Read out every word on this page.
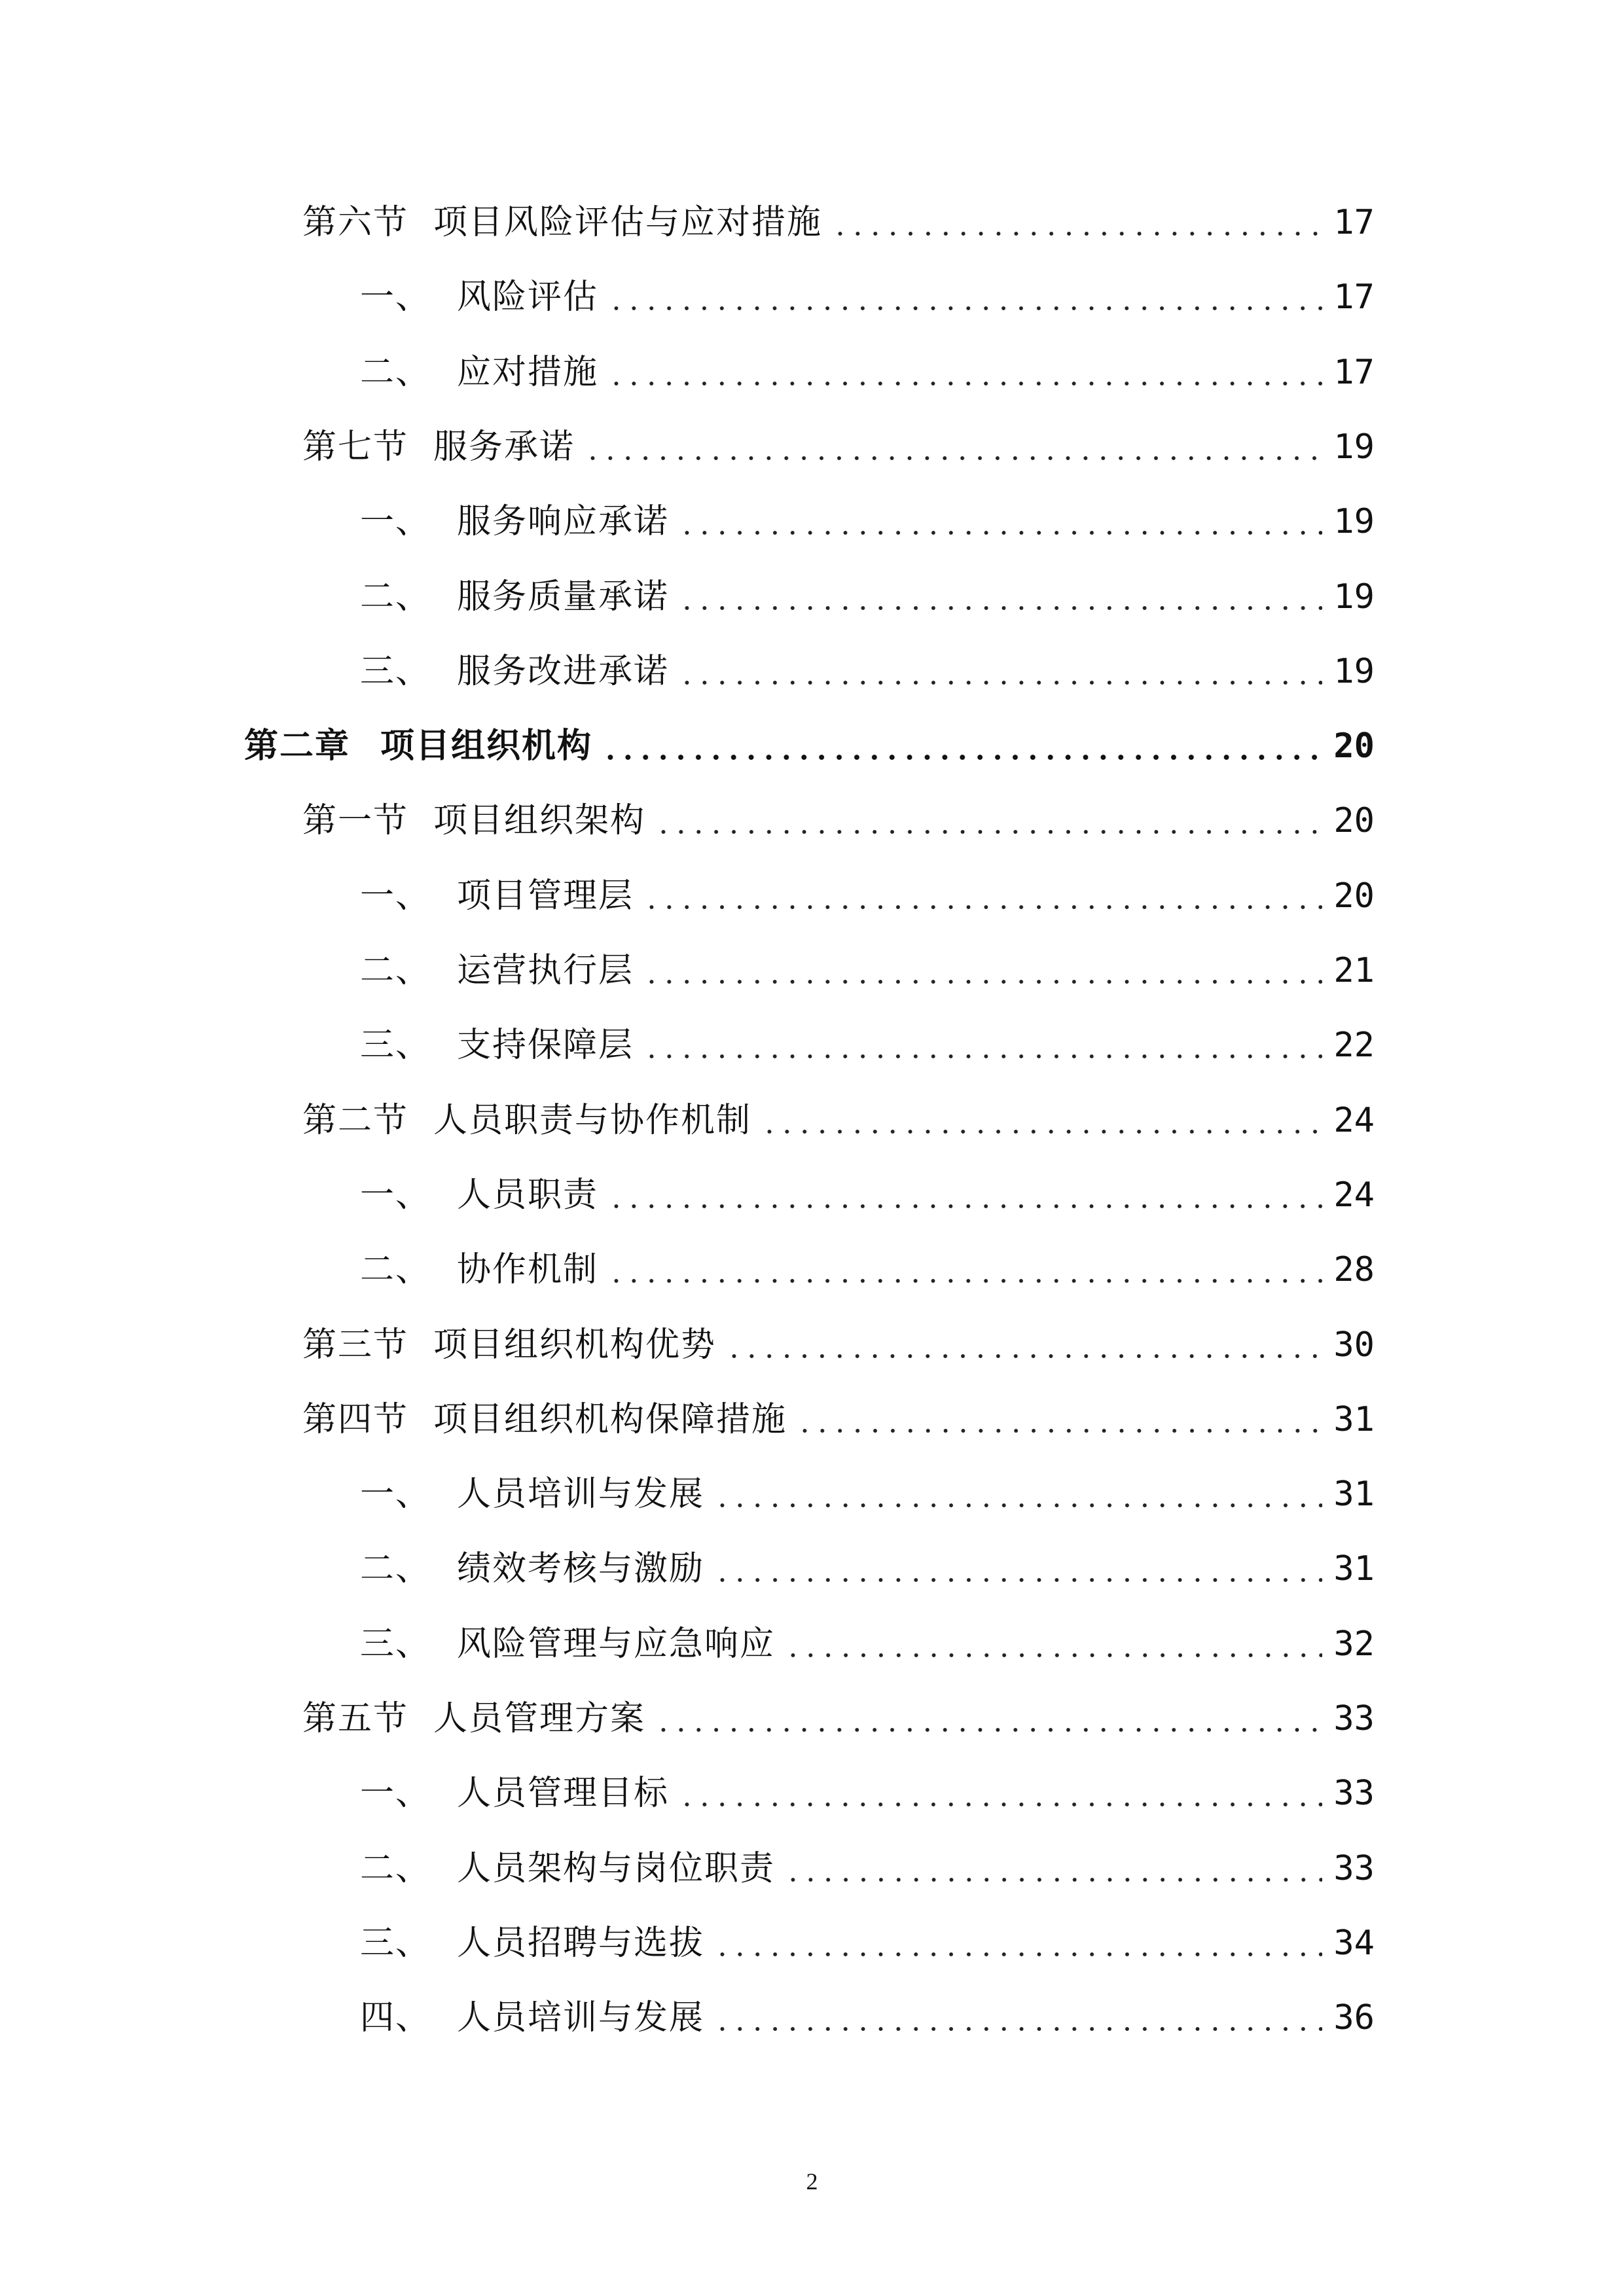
第六节 项目风险评估与应对措施	17
一、 风险评估	17
二、 应对措施	17
第七节 服务承诺	19
一、 服务响应承诺	19
二、 服务质量承诺	19
三、 服务改进承诺	19
第二章 项目组织机构	20
第一节 项目组织架构	20
一、 项目管理层	20
二、 运营执行层	21
三、 支持保障层	22
第二节 人员职责与协作机制	24
一、 人员职责	24
二、 协作机制	28
第三节 项目组织机构优势	30
第四节 项目组织机构保障措施	31
一、 人员培训与发展	31
二、 绩效考核与激励	31
三、 风险管理与应急响应	32
第五节 人员管理方案	33
一、 人员管理目标	33
二、 人员架构与岗位职责	33
三、 人员招聘与选拔	34
四、 人员培训与发展	36
2
